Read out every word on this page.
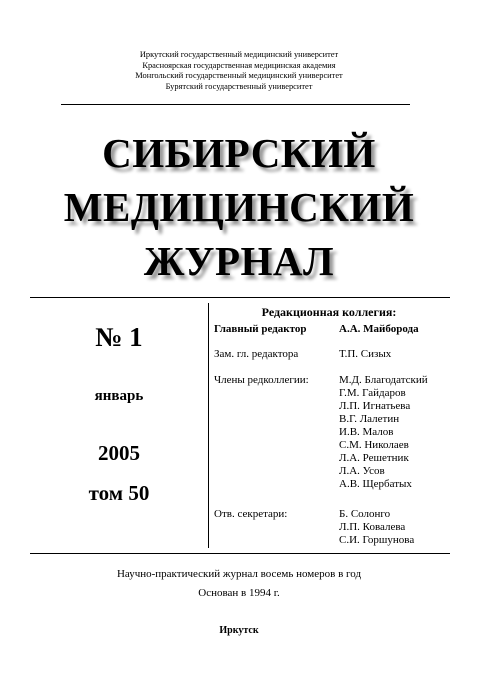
Иркутский государственный медицинский университет
Красноярская государственная медицинская академия
Монгольский государственный медицинский университет
Бурятский государственный университет
СИБИРСКИЙ
МЕДИЦИНСКИЙ
ЖУРНАЛ
№ 1
январь
2005
том 50
Редакционная коллегия:
Главный редактор	А.А. Майборода
Зам. гл. редактора	Т.П. Сизых
Члены редколлегии:	М.Д. Благодатский
Г.М. Гайдаров
Л.П. Игнатьева
В.Г. Лалетин
И.В. Малов
С.М. Николаев
Л.А. Решетник
Л.А. Усов
А.В. Щербатых
Отв. секретари:	Б. Солонго
Л.П. Ковалева
С.И. Горшунова
Научно-практический журнал восемь номеров в год
Основан в 1994 г.
Иркутск
